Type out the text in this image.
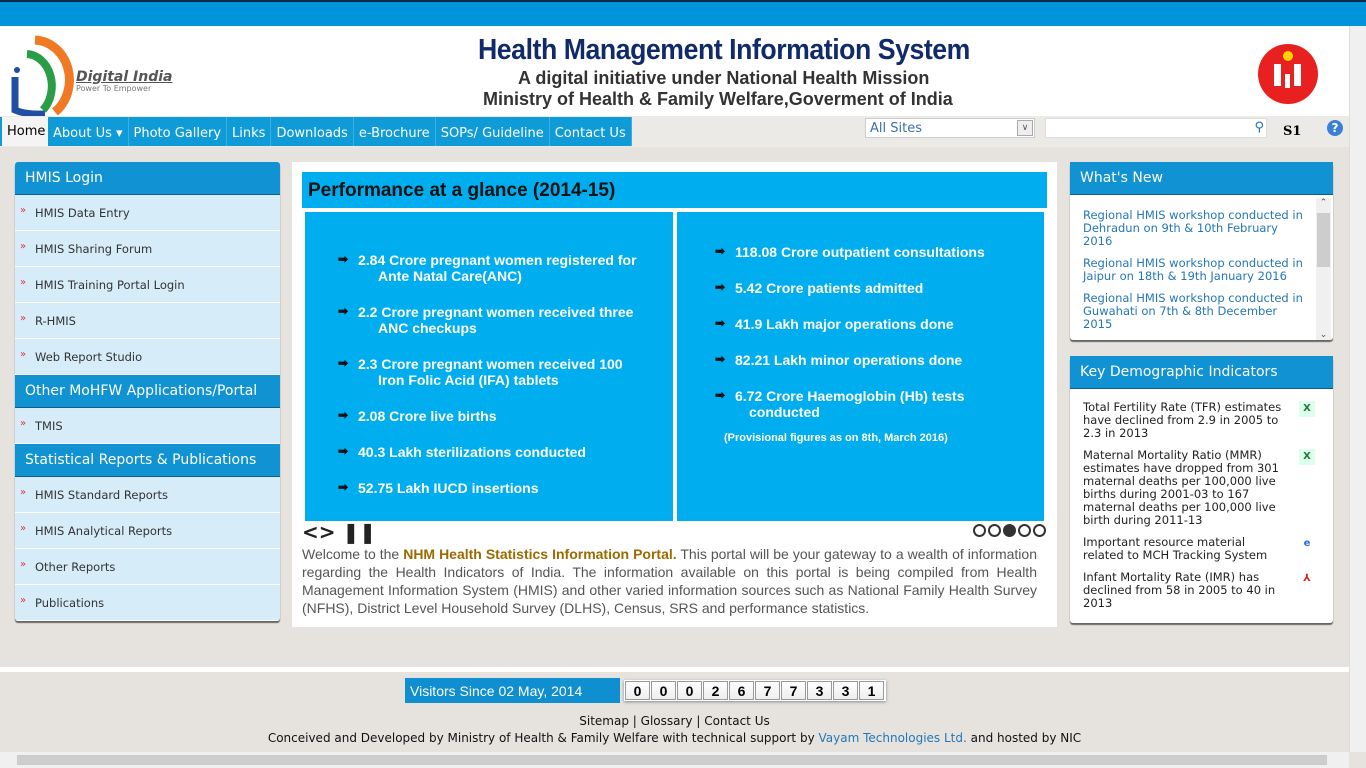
Digital India
Power To Empower
Health Management Information System
A digital initiative under National Health Mission
Ministry of Health & Family Welfare,Goverment of India
Home About Us ▾ Photo Gallery Links Downloads e-Brochure SOPs/ Guideline Contact Us	All Sites	∨	⚲ S1	?
HMIS Login
» HMIS Data Entry
» HMIS Sharing Forum
» HMIS Training Portal Login
» R-HMIS
» Web Report Studio
Other MoHFW Applications/Portal
» TMIS
Statistical Reports & Publications
» HMIS Standard Reports
» HMIS Analytical Reports
» Other Reports
» Publications
Performance at a glance (2014-15)
➡ 2.84 Crore pregnant women registered for
Ante Natal Care(ANC)
➡ 2.2 Crore pregnant women received three
ANC checkups
➡ 2.3 Crore pregnant women received 100
Iron Folic Acid (IFA) tablets
➡ 2.08 Crore live births
➡ 40.3 Lakh sterilizations conducted
➡ 52.75 Lakh IUCD insertions
➡ 118.08 Crore outpatient consultations
➡ 5.42 Crore patients admitted
➡ 41.9 Lakh major operations done
➡ 82.21 Lakh minor operations done
➡ 6.72 Crore Haemoglobin (Hb) tests
conducted
(Provisional figures as on 8th, March 2016)
<> ❚❚
Welcome to the NHM Health Statistics Information Portal. This portal will be your gateway to a wealth of information regarding the Health Indicators of India. The information available on this portal is being compiled from Health Management Information System (HMIS) and other varied information sources such as National Family Health Survey (NFHS), District Level Household Survey (DLHS), Census, SRS and performance statistics.
What's New
Regional HMIS workshop conducted in Dehradun on 9th & 10th February 2016
Regional HMIS workshop conducted in Jaipur on 18th & 19th January 2016
Regional HMIS workshop conducted in Guwahati on 7th & 8th December 2015
⌃
⌄
Key Demographic Indicators
Total Fertility Rate (TFR) estimates have declined from 2.9 in 2005 to 2.3 in 2013
X
Maternal Mortality Ratio (MMR) estimates have dropped from 301 maternal deaths per 100,000 live births during 2001-03 to 167 maternal deaths per 100,000 live birth during 2011-13
X
Important resource material related to MCH Tracking System
e
Infant Mortality Rate (IMR) has declined from 58 in 2005 to 40 in 2013
⅄
Visitors Since 02 May, 2014	0	0	0	2	6	7	7	3	3	1
Sitemap | Glossary | Contact Us
Conceived and Developed by Ministry of Health & Family Welfare with technical support by Vayam Technologies Ltd. and hosted by NIC
